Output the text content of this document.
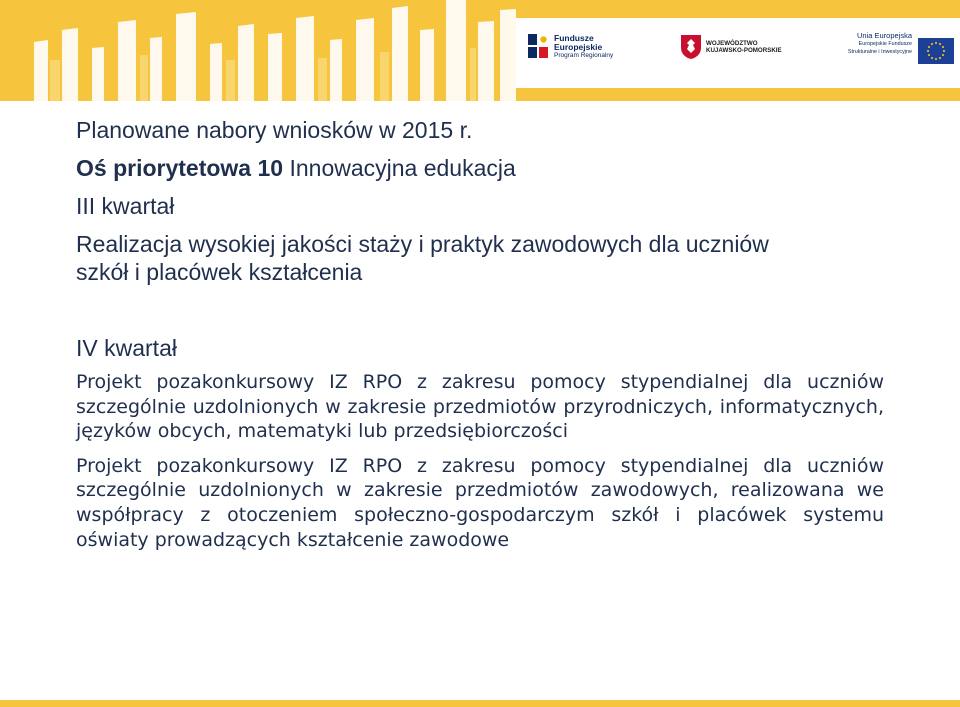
Fundusze
Europejskie
Program Regionalny
WOJEWÓDZTWO
KUJAWSKO-POMORSKIE
Unia Europejska
Europejskie Fundusze
Strukturalne i Inwestycyjne
Planowane nabory wniosków w 2015 r.
Oś priorytetowa 10 Innowacyjna edukacja
III kwartał
Realizacja wysokiej jakości staży i praktyk zawodowych dla uczniów
szkół i placówek kształcenia
IV kwartał
Projekt pozakonkursowy IZ RPO z zakresu pomocy stypendialnej dla uczniów szczególnie uzdolnionych w zakresie przedmiotów przyrodniczych, informatycznych, języków obcych, matematyki lub przedsiębiorczości
Projekt pozakonkursowy IZ RPO z zakresu pomocy stypendialnej dla uczniów szczególnie uzdolnionych w zakresie przedmiotów zawodowych, realizowana we współpracy z otoczeniem społeczno-gospodarczym szkół i placówek systemu oświaty prowadzących kształcenie zawodowe
